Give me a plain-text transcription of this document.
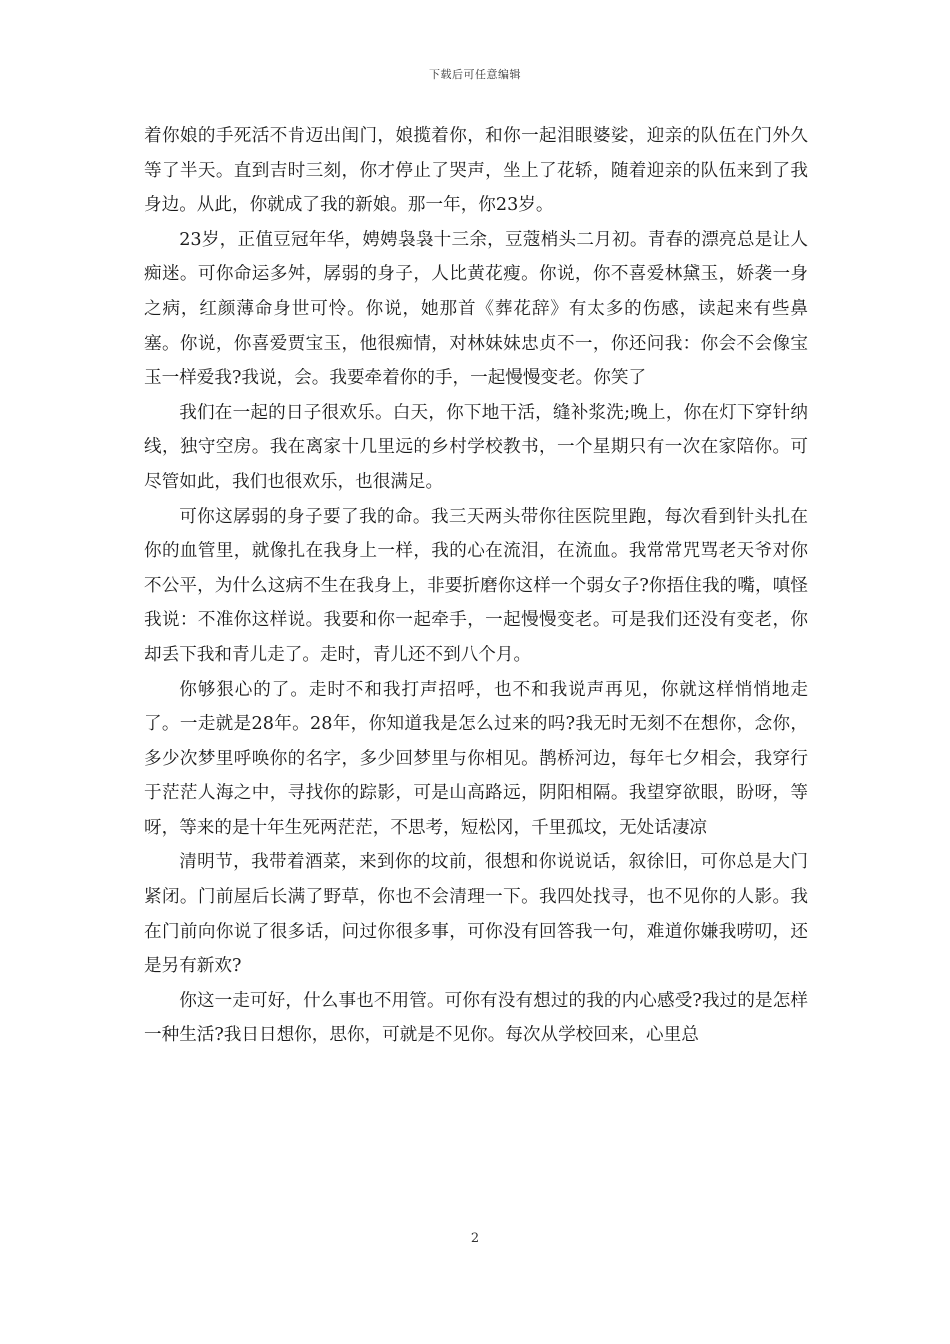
下载后可任意编辑

着你娘的手死活不肯迈出闺门，娘揽着你，和你一起泪眼婆娑，迎亲的队伍在门外久等了半天。直到吉时三刻，你才停止了哭声，坐上了花轿，随着迎亲的队伍来到了我身边。从此，你就成了我的新娘。那一年，你23岁。

23岁，正值豆冠年华，娉娉袅袅十三余，豆蔻梢头二月初。青春的漂亮总是让人痴迷。可你命运多舛，孱弱的身子，人比黄花瘦。你说，你不喜爱林黛玉，娇袭一身之病，红颜薄命身世可怜。你说，她那首《葬花辞》有太多的伤感，读起来有些鼻塞。你说，你喜爱贾宝玉，他很痴情，对林妹妹忠贞不一，你还问我：你会不会像宝玉一样爱我?我说，会。我要牵着你的手，一起慢慢变老。你笑了

我们在一起的日子很欢乐。白天，你下地干活，缝补浆洗;晚上，你在灯下穿针纳线，独守空房。我在离家十几里远的乡村学校教书，一个星期只有一次在家陪你。可尽管如此，我们也很欢乐，也很满足。

可你这孱弱的身子要了我的命。我三天两头带你往医院里跑，每次看到针头扎在你的血管里，就像扎在我身上一样，我的心在流泪，在流血。我常常咒骂老天爷对你不公平，为什么这病不生在我身上，非要折磨你这样一个弱女子?你捂住我的嘴，嗔怪我说：不准你这样说。我要和你一起牵手，一起慢慢变老。可是我们还没有变老，你却丢下我和青儿走了。走时，青儿还不到八个月。

你够狠心的了。走时不和我打声招呼，也不和我说声再见，你就这样悄悄地走了。一走就是28年。28年，你知道我是怎么过来的吗?我无时无刻不在想你，念你，多少次梦里呼唤你的名字，多少回梦里与你相见。鹊桥河边，每年七夕相会，我穿行于茫茫人海之中，寻找你的踪影，可是山高路远，阴阳相隔。我望穿欲眼，盼呀，等呀，等来的是十年生死两茫茫，不思考，短松冈，千里孤坟，无处话凄凉

清明节，我带着酒菜，来到你的坟前，很想和你说说话，叙徐旧，可你总是大门紧闭。门前屋后长满了野草，你也不会清理一下。我四处找寻，也不见你的人影。我在门前向你说了很多话，问过你很多事，可你没有回答我一句，难道你嫌我唠叨，还是另有新欢?

你这一走可好，什么事也不用管。可你有没有想过的我的内心感受?我过的是怎样一种生活?我日日想你，思你，可就是不见你。每次从学校回来，心里总

2
